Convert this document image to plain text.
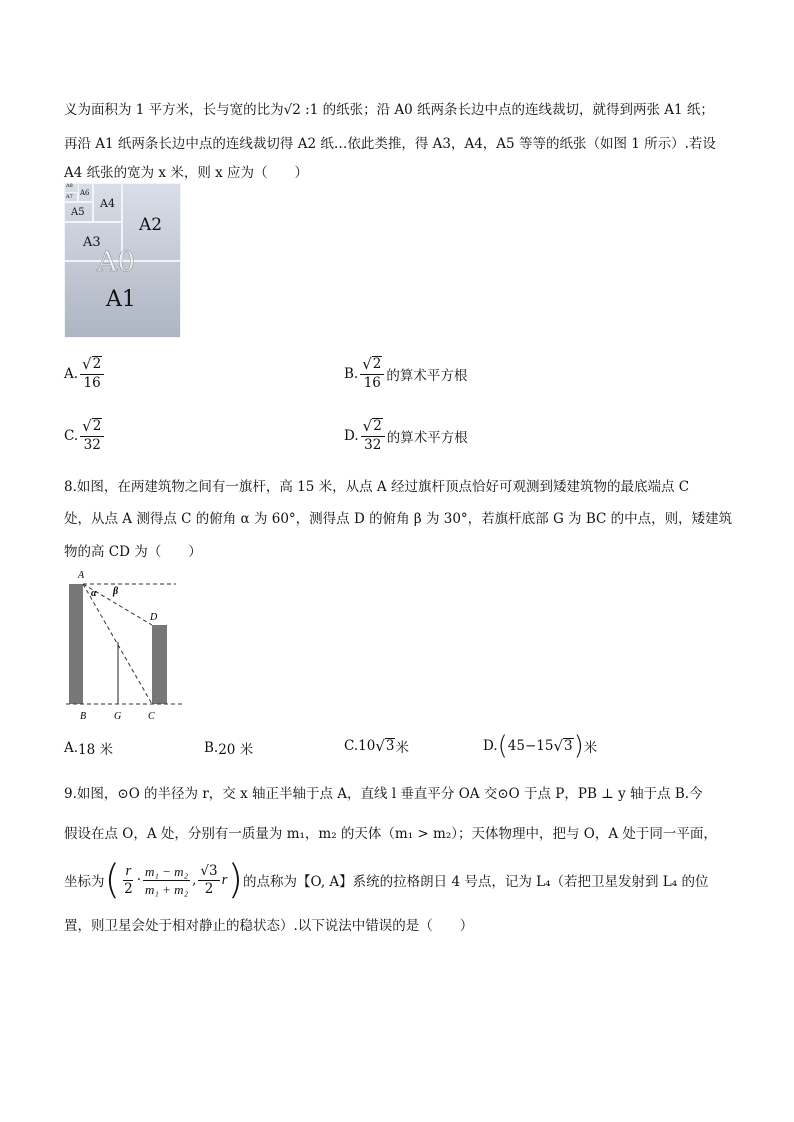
义为面积为 1 平方米，长与宽的比为√2 :1 的纸张；沿 A0 纸两条长边中点的连线裁切，就得到两张 A1 纸；
再沿 A1 纸两条长边中点的连线裁切得 A2 纸…依此类推，得 A3，A4，A5 等等的纸张（如图 1 所示）.若设
A4 纸张的宽为 x 米，则 x 应为（　　）
A8
A7 A6
A5
A4
A3
A2
A0
A1
A. $\frac{√ 2}{16}$	B. $\frac{√ 2}{16}$ 的算术平方根
C. $\frac{√ 2}{32}$	D. $\frac{√ 2}{32}$ 的算术平方根
8.如图，在两建筑物之间有一旗杆，高 15 米，从点 A 经过旗杆顶点恰好可观测到矮建筑物的最底端点 C
处，从点 A 测得点 C 的俯角 α 为 60°，测得点 D 的俯角 β 为 30°，若旗杆底部 G 为 BC 的中点，则，矮建筑
物的高 CD 为（　　）
A
D
B	G	C
α β
A. 18 米	B. 20 米	C. 10 √ 3 米	D. ( 45−15 √ 3 ) 米
9.如图，⊙O 的半径为 r，交 x 轴正半轴于点 A，直线 l 垂直平分 OA 交⊙O 于点 P，PB ⊥ y 轴于点 B.今
假设在点 O，A 处，分别有一质量为 m₁，m₂ 的天体（m₁ > m₂）；天体物理中，把与 O，A 处于同一平面，
坐标为 ( $\frac{r}{2} \cdot \frac{\text{m₁ − m₂}}{\text{m₁ + m₂}}$ , $\frac{√3}{2}$ r ) 的点称为【O, A】系统的拉格朗日 4 号点，记为 L₄（若把卫星发射到 L₄ 的位
置，则卫星会处于相对静止的稳状态）.以下说法中错误的是（　　）
